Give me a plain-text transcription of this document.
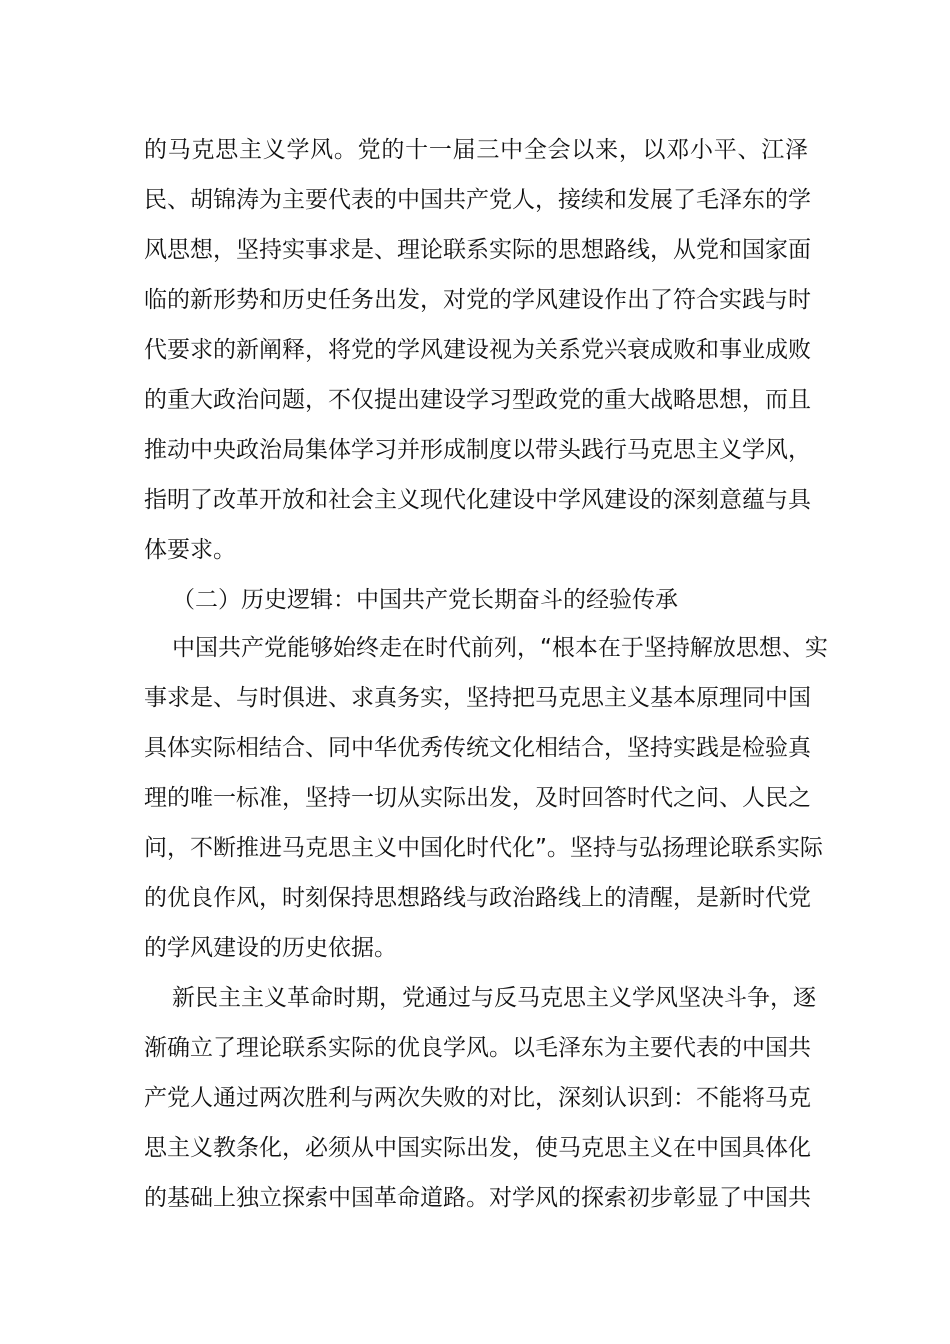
的马克思主义学风。党的十一届三中全会以来，以邓小平、江泽
民、胡锦涛为主要代表的中国共产党人，接续和发展了毛泽东的学
风思想，坚持实事求是、理论联系实际的思想路线，从党和国家面
临的新形势和历史任务出发，对党的学风建设作出了符合实践与时
代要求的新阐释，将党的学风建设视为关系党兴衰成败和事业成败
的重大政治问题，不仅提出建设学习型政党的重大战略思想，而且
推动中央政治局集体学习并形成制度以带头践行马克思主义学风，
指明了改革开放和社会主义现代化建设中学风建设的深刻意蕴与具
体要求。
（二）历史逻辑：中国共产党长期奋斗的经验传承
中国共产党能够始终走在时代前列，“根本在于坚持解放思想、实
事求是、与时俱进、求真务实，坚持把马克思主义基本原理同中国
具体实际相结合、同中华优秀传统文化相结合，坚持实践是检验真
理的唯一标准，坚持一切从实际出发，及时回答时代之问、人民之
问，不断推进马克思主义中国化时代化”。坚持与弘扬理论联系实际
的优良作风，时刻保持思想路线与政治路线上的清醒，是新时代党
的学风建设的历史依据。
新民主主义革命时期，党通过与反马克思主义学风坚决斗争，逐
渐确立了理论联系实际的优良学风。以毛泽东为主要代表的中国共
产党人通过两次胜利与两次失败的对比，深刻认识到：不能将马克
思主义教条化，必须从中国实际出发，使马克思主义在中国具体化
的基础上独立探索中国革命道路。对学风的探索初步彰显了中国共
